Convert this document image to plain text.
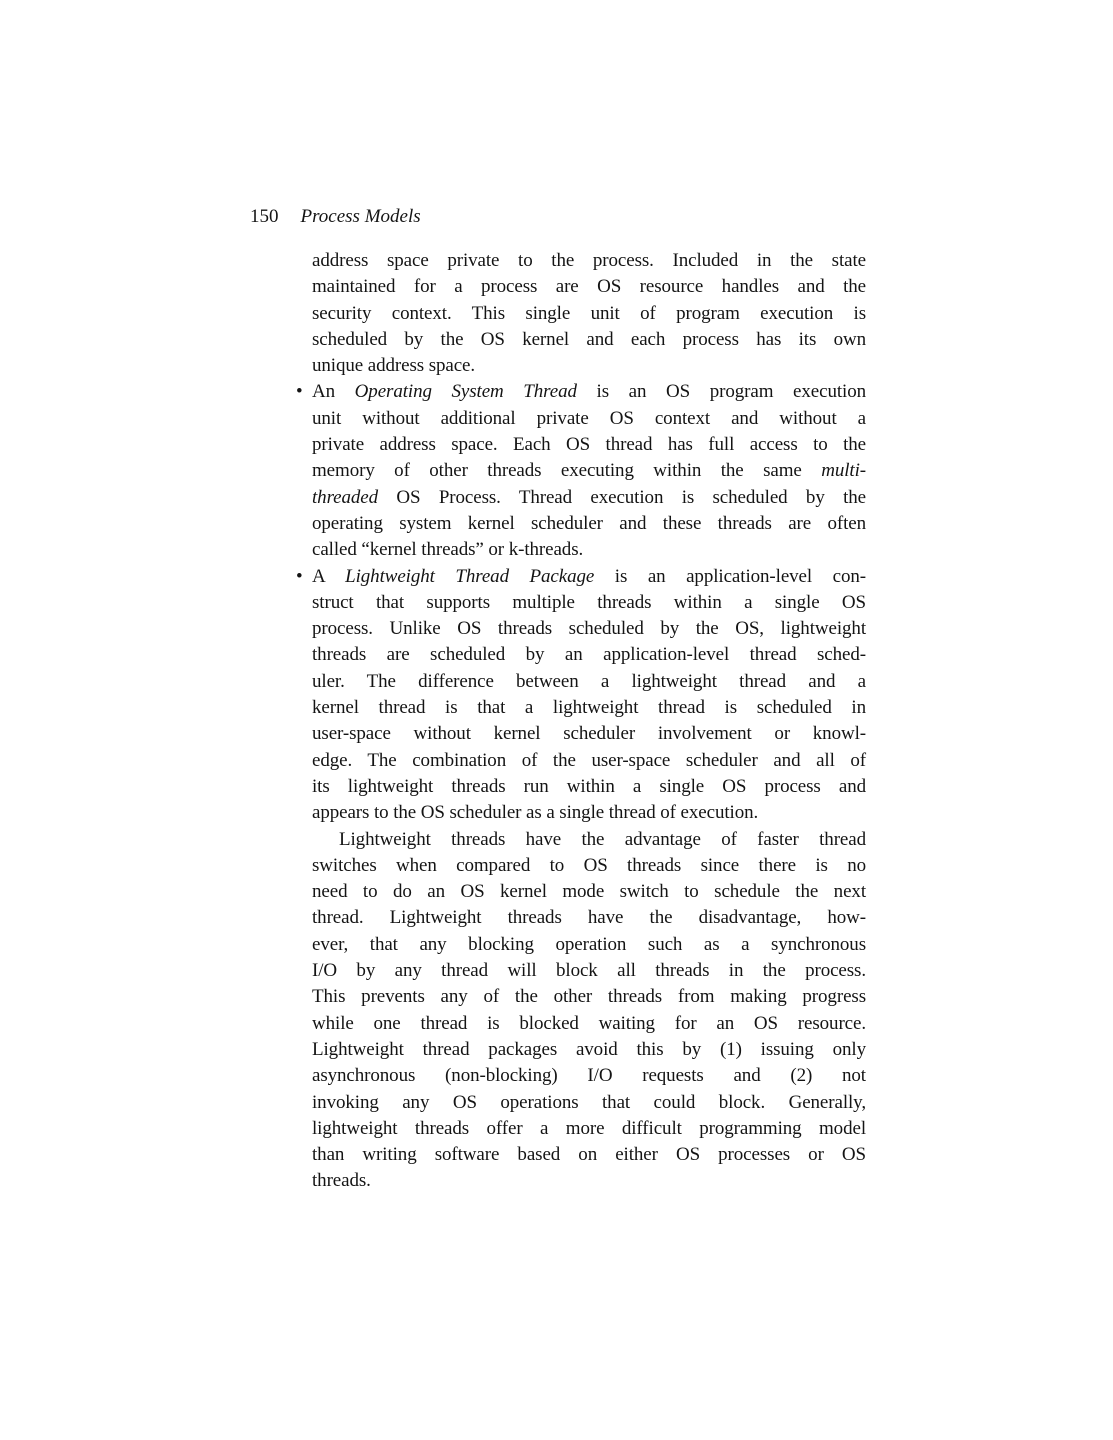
150 Process Models
address space private to the process. Included in the state
maintained for a process are OS resource handles and the
security context. This single unit of program execution is
scheduled by the OS kernel and each process has its own
unique address space.
• An Operating System Thread is an OS program execution
unit without additional private OS context and without a
private address space. Each OS thread has full access to the
memory of other threads executing within the same multi-
threaded OS Process. Thread execution is scheduled by the
operating system kernel scheduler and these threads are often
called “kernel threads” or k-threads.
• A Lightweight Thread Package is an application-level con-
struct that supports multiple threads within a single OS
process. Unlike OS threads scheduled by the OS, lightweight
threads are scheduled by an application-level thread sched-
uler. The difference between a lightweight thread and a
kernel thread is that a lightweight thread is scheduled in
user-space without kernel scheduler involvement or knowl-
edge. The combination of the user-space scheduler and all of
its lightweight threads run within a single OS process and
appears to the OS scheduler as a single thread of execution.
Lightweight threads have the advantage of faster thread
switches when compared to OS threads since there is no
need to do an OS kernel mode switch to schedule the next
thread. Lightweight threads have the disadvantage, how-
ever, that any blocking operation such as a synchronous
I/O by any thread will block all threads in the process.
This prevents any of the other threads from making progress
while one thread is blocked waiting for an OS resource.
Lightweight thread packages avoid this by (1) issuing only
asynchronous (non-blocking) I/O requests and (2) not
invoking any OS operations that could block. Generally,
lightweight threads offer a more difficult programming model
than writing software based on either OS processes or OS
threads.
